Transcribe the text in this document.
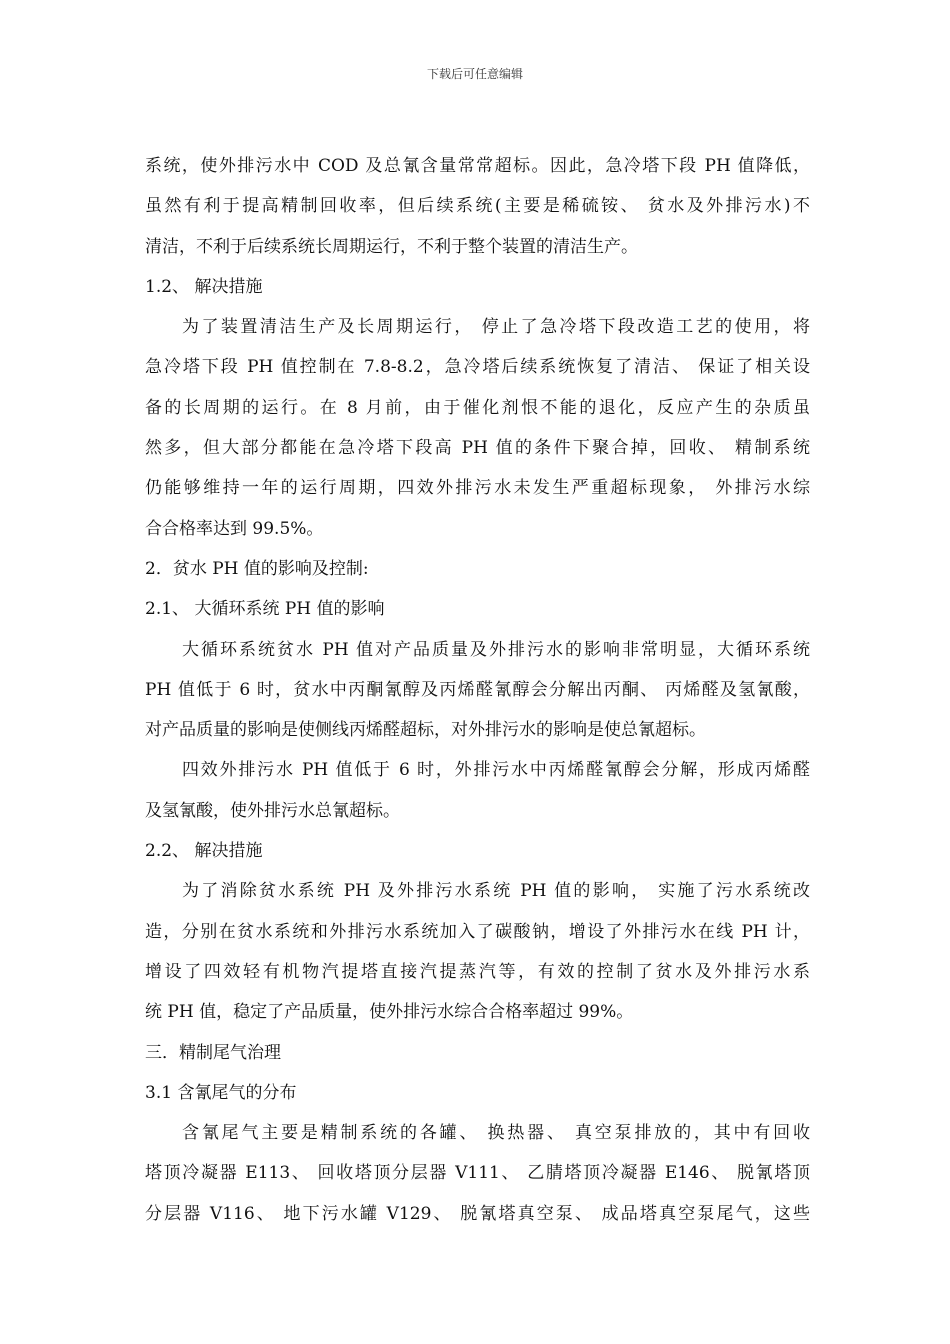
下载后可任意编辑
系统，使外排污水中 COD 及总氰含量常常超标。因此，急冷塔下段 PH 值降低，
虽然有利于提高精制回收率，但后续系统(主要是稀硫铵、 贫水及外排污水)不
清洁，不利于后续系统长周期运行，不利于整个装置的清洁生产。
1.2、 解决措施
为了装置清洁生产及长周期运行， 停止了急冷塔下段改造工艺的使用，将
急冷塔下段 PH 值控制在 7.8-8.2，急冷塔后续系统恢复了清洁、 保证了相关设
备的长周期的运行。在 8 月前，由于催化剂恨不能的退化，反应产生的杂质虽
然多，但大部分都能在急冷塔下段高 PH 值的条件下聚合掉，回收、 精制系统
仍能够维持一年的运行周期，四效外排污水未发生严重超标现象， 外排污水综
合合格率达到 99.5%。
2．贫水 PH 值的影响及控制:
2.1、 大循环系统 PH 值的影响
大循环系统贫水 PH 值对产品质量及外排污水的影响非常明显，大循环系统
PH 值低于 6 时，贫水中丙酮氰醇及丙烯醛氰醇会分解出丙酮、 丙烯醛及氢氰酸，
对产品质量的影响是使侧线丙烯醛超标，对外排污水的影响是使总氰超标。
四效外排污水 PH 值低于 6 时，外排污水中丙烯醛氰醇会分解，形成丙烯醛
及氢氰酸，使外排污水总氰超标。
2.2、 解决措施
为了消除贫水系统 PH 及外排污水系统 PH 值的影响， 实施了污水系统改
造，分别在贫水系统和外排污水系统加入了碳酸钠，增设了外排污水在线 PH 计，
增设了四效轻有机物汽提塔直接汽提蒸汽等，有效的控制了贫水及外排污水系
统 PH 值，稳定了产品质量，使外排污水综合合格率超过 99%。
三．精制尾气治理
3.1 含氰尾气的分布
含氰尾气主要是精制系统的各罐、 换热器、 真空泵排放的，其中有回收
塔顶冷凝器 E113、 回收塔顶分层器 V111、 乙腈塔顶冷凝器 E146、 脱氰塔顶
分层器 V116、 地下污水罐 V129、 脱氰塔真空泵、 成品塔真空泵尾气，这些
